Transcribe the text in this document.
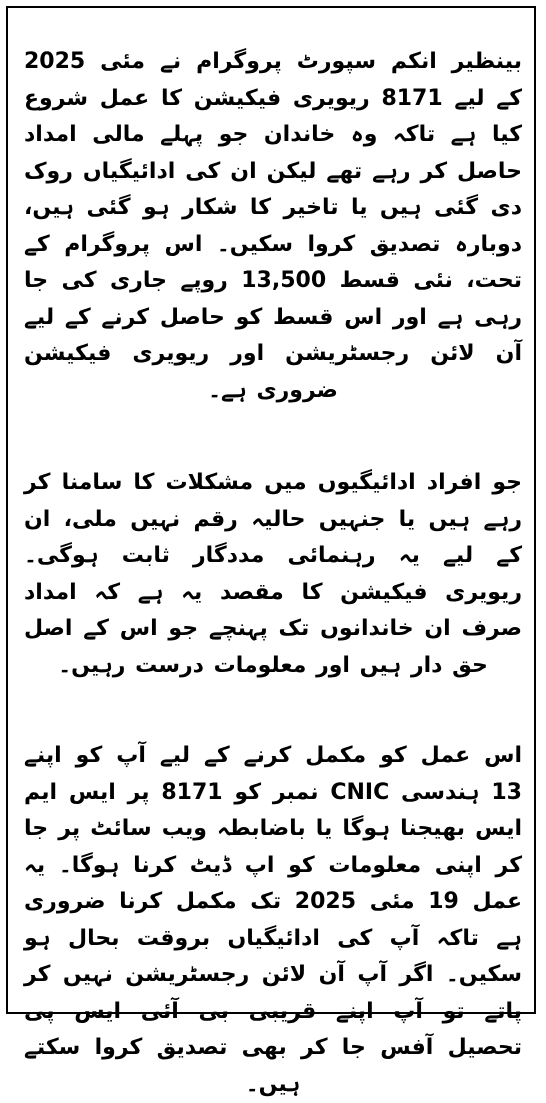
بینظیر انکم سپورٹ پروگرام نے مئی 2025 کے لیے 8171 ریویری فیکیشن کا عمل شروع کیا ہے تاکہ وہ خاندان جو پہلے مالی امداد حاصل کر رہے تھے لیکن ان کی ادائیگیاں روک دی گئی ہیں یا تاخیر کا شکار ہو گئی ہیں، دوبارہ تصدیق کروا سکیں۔ اس پروگرام کے تحت، نئی قسط 13,500 روپے جاری کی جا رہی ہے اور اس قسط کو حاصل کرنے کے لیے آن لائن رجسٹریشن اور ریویری فیکیشن ضروری ہے۔

جو افراد ادائیگیوں میں مشکلات کا سامنا کر رہے ہیں یا جنہیں حالیہ رقم نہیں ملی، ان کے لیے یہ رہنمائی مددگار ثابت ہوگی۔ ریویری فیکیشن کا مقصد یہ ہے کہ امداد صرف ان خاندانوں تک پہنچے جو اس کے اصل حق دار ہیں اور معلومات درست رہیں۔

اس عمل کو مکمل کرنے کے لیے آپ کو اپنے 13 ہندسی CNIC نمبر کو 8171 پر ایس ایم ایس بھیجنا ہوگا یا باضابطہ ویب سائٹ پر جا کر اپنی معلومات کو اپ ڈیٹ کرنا ہوگا۔ یہ عمل 19 مئی 2025 تک مکمل کرنا ضروری ہے تاکہ آپ کی ادائیگیاں بروقت بحال ہو سکیں۔ اگر آپ آن لائن رجسٹریشن نہیں کر پاتے تو آپ اپنے قریبی بی آئی ایس پی تحصیل آفس جا کر بھی تصدیق کروا سکتے ہیں۔
